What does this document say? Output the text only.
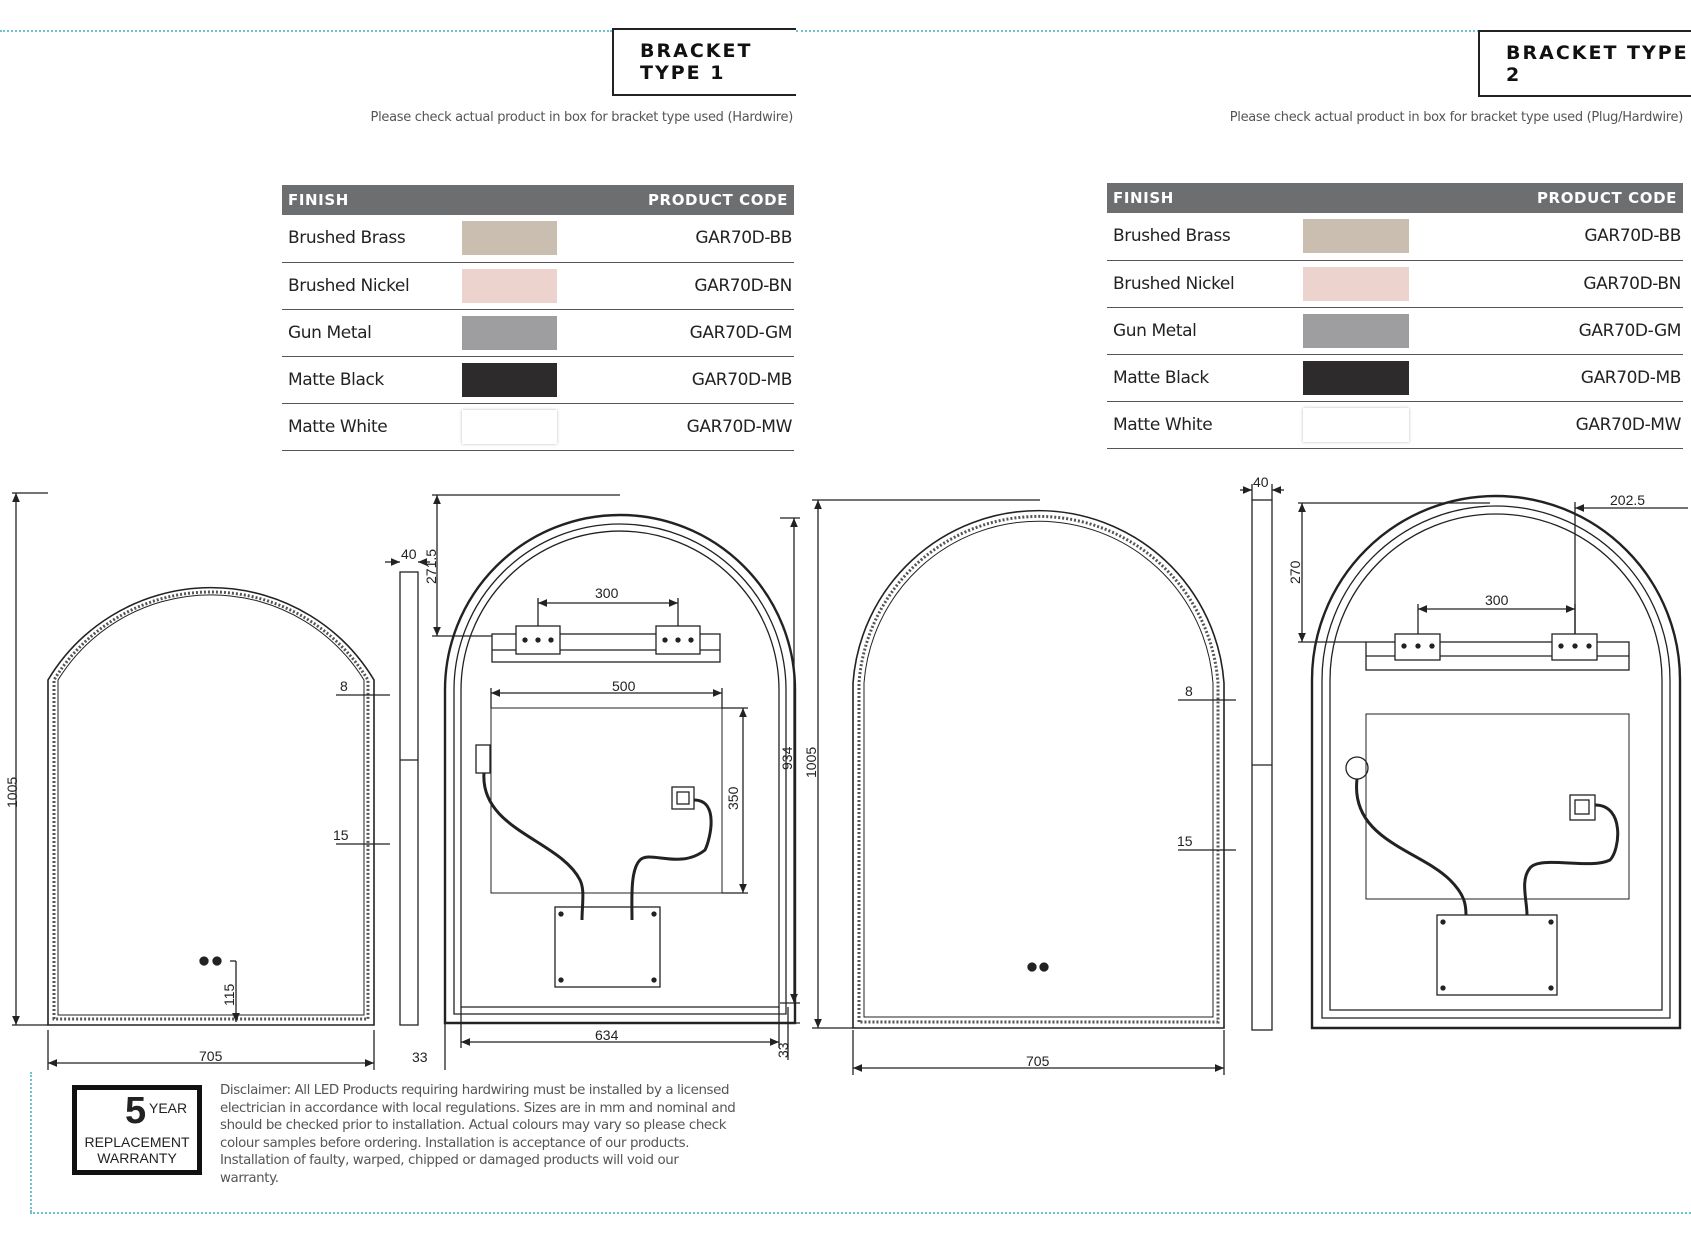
BRACKET TYPE 1
BRACKET TYPE 2
Please check actual product in box for bracket type used (Hardwire)	Please check actual product in box for bracket type used (Plug/Hardwire)
FINISH		PRODUCT CODE
Brushed Brass		GAR70D-BB
Brushed Nickel		GAR70D-BN
Gun Metal		GAR70D-GM
Matte Black		GAR70D-MB
Matte White		GAR70D-MW
FINISH		PRODUCT CODE
Brushed Brass		GAR70D-BB
Brushed Nickel		GAR70D-BN
Gun Metal		GAR70D-GM
Matte Black		GAR70D-MB
Matte White		GAR70D-MW
1005
705
40
8
15
115
271.5
300
500
350
934
634
33	33
1005
705
8
15
40
270
300
202.5
5 YEAR
REPLACEMENT
WARRANTY
Disclaimer: All LED Products requiring hardwiring must be installed by a licensed electrician in accordance with local regulations. Sizes are in mm and nominal and should be checked prior to installation. Actual colours may vary so please check colour samples before ordering. Installation is acceptance of our products. Installation of faulty, warped, chipped or damaged products will void our warranty.
